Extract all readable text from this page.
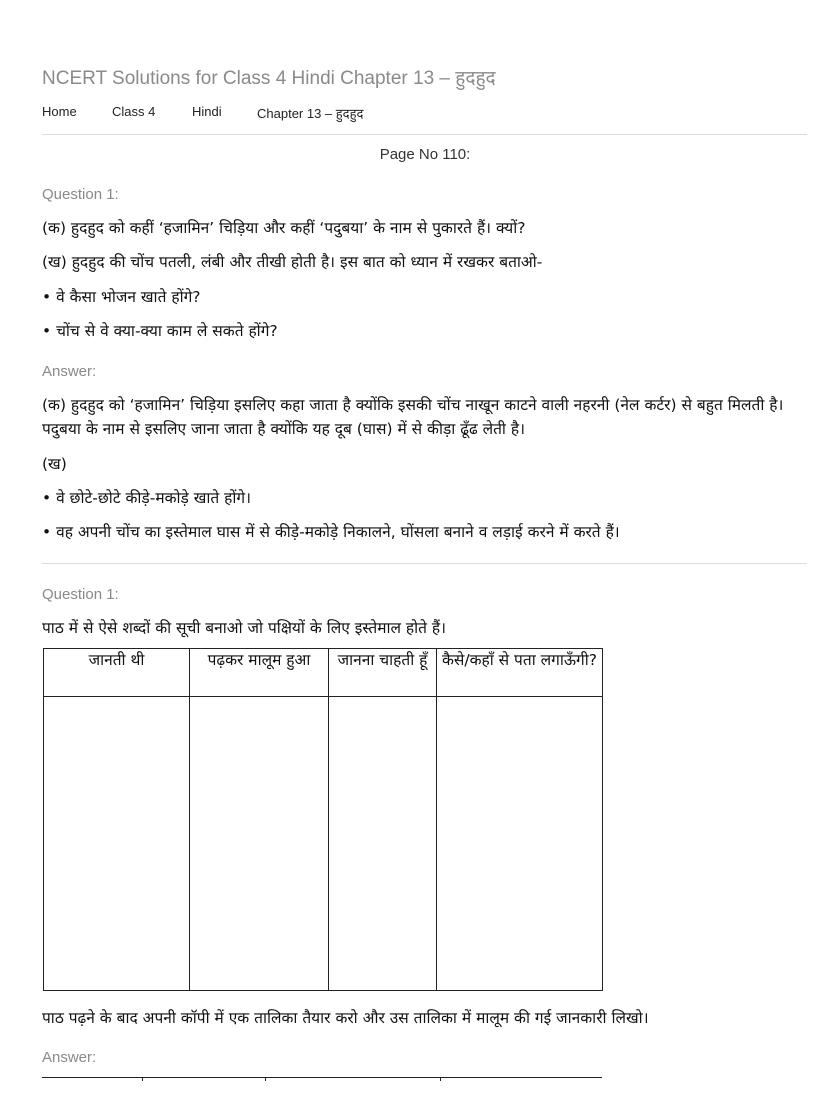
NCERT Solutions for Class 4 Hindi Chapter 13 – हुदहुद
Home	Class 4	Hindi	Chapter 13 – हुदहुद
Page No 110:
Question 1:
(क) हुदहुद को कहीं ‘हजामिन’ चिड़िया और कहीं ‘पदुबया’ के नाम से पुकारते हैं। क्यों?
(ख) हुदहुद की चोंच पतली, लंबी और तीखी होती है। इस बात को ध्यान में रखकर बताओ-
• वे कैसा भोजन खाते होंगे?
• चोंच से वे क्या-क्या काम ले सकते होंगे?
Answer:
(क) हुदहुद को ‘हजामिन’ चिड़िया इसलिए कहा जाता है क्योंकि इसकी चोंच नाखून काटने वाली नहरनी (नेल कर्टर) से बहुत मिलती है। पदुबया के नाम से इसलिए जाना जाता है क्योंकि यह दूब (घास) में से कीड़ा ढूँढ लेती है।
(ख)
• वे छोटे-छोटे कीड़े-मकोड़े खाते होंगे।
• वह अपनी चोंच का इस्तेमाल घास में से कीड़े-मकोड़े निकालने, घोंसला बनाने व लड़ाई करने में करते हैं।
Question 1:
पाठ में से ऐसे शब्दों की सूची बनाओ जो पक्षियों के लिए इस्तेमाल होते हैं।
जानती थी	पढ़कर मालूम हुआ	जानना चाहती हूँ	कैसे/कहाँ से पता लगाऊँगी?

पाठ पढ़ने के बाद अपनी कॉपी में एक तालिका तैयार करो और उस तालिका में मालूम की गई जानकारी लिखो।
Answer:
